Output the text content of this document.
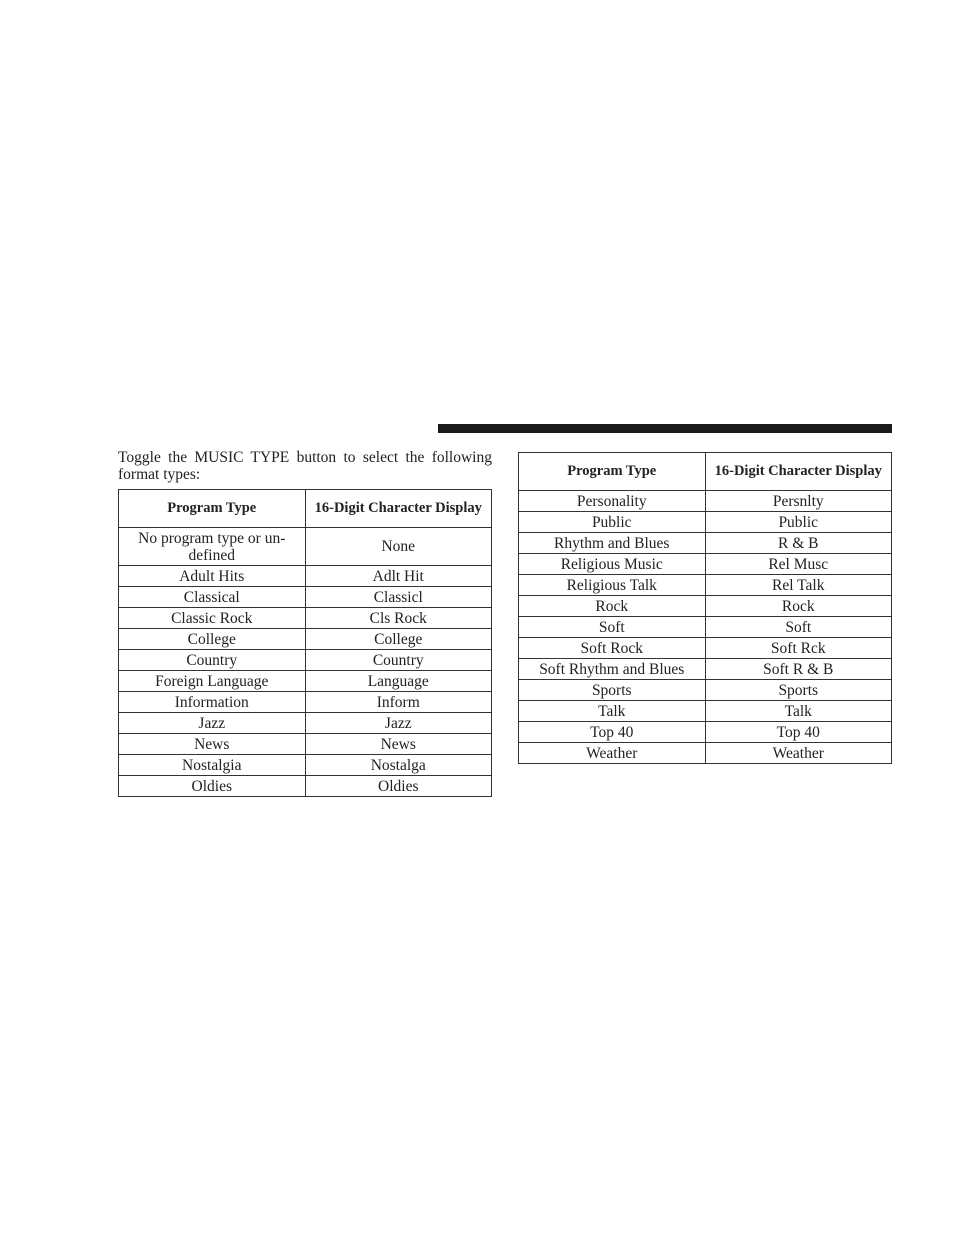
Toggle the MUSIC TYPE button to select the following format types:

Program Type	16-Digit Character Display
No program type or un- defined	None
Adult Hits	Adlt Hit
Classical	Classicl
Classic Rock	Cls Rock
College	College
Country	Country
Foreign Language	Language
Information	Inform
Jazz	Jazz
News	News
Nostalgia	Nostalga
Oldies	Oldies
Program Type	16-Digit Character Display
Personality	Persnlty
Public	Public
Rhythm and Blues	R & B
Religious Music	Rel Musc
Religious Talk	Rel Talk
Rock	Rock
Soft	Soft
Soft Rock	Soft Rck
Soft Rhythm and Blues	Soft R & B
Sports	Sports
Talk	Talk
Top 40	Top 40
Weather	Weather
